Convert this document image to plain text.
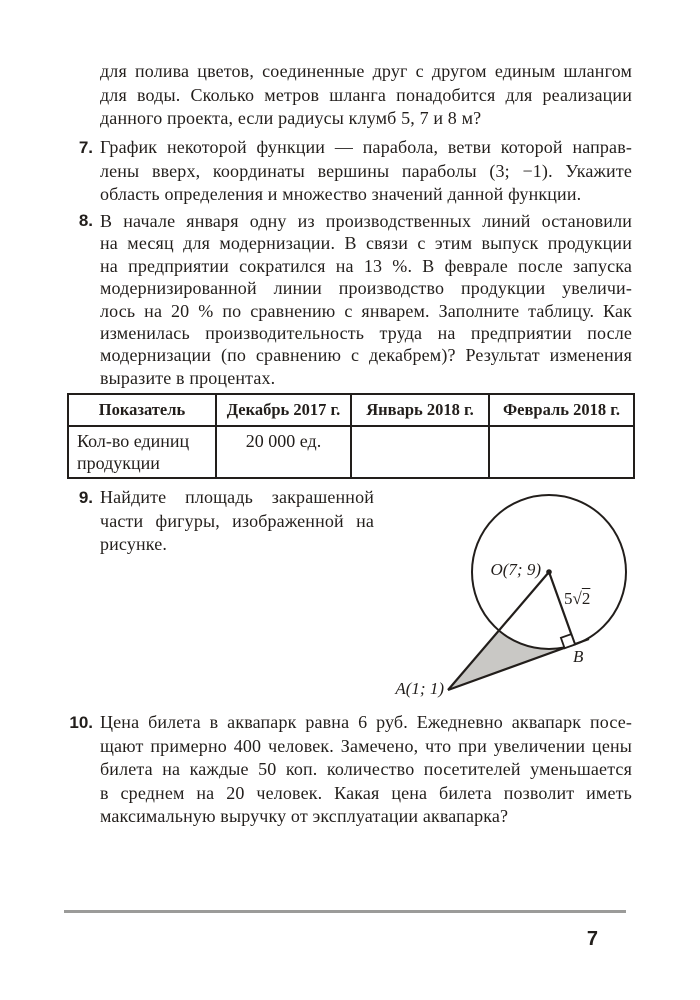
для полива цветов, соединенные друг с другом единым шлангом
для воды. Сколько метров шланга понадобится для реализации
данного проекта, если радиусы клумб 5, 7 и 8 м?
7. График некоторой функции — парабола, ветви которой направ-
лены вверх, координаты вершины параболы (3; −1). Укажите
область определения и множество значений данной функции.
8. В начале января одну из производственных линий остановили
на месяц для модернизации. В связи с этим выпуск продукции
на предприятии сократился на 13 %. В феврале после запуска
модернизированной линии производство продукции увеличи-
лось на 20 % по сравнению с январем. Заполните таблицу. Как
изменилась производительность труда на предприятии после
модернизации (по сравнению с декабрем)? Результат изменения
выразите в процентах.
Показатель	Декабрь 2017 г.	Январь 2018 г.	Февраль 2018 г.
Кол-во единиц продукции	20 000 ед.		
9. Найдите площадь закрашенной
части фигуры, изображенной на
рисунке.
O(7; 9)
5√2
B
A(1; 1)
10. Цена билета в аквапарк равна 6 руб. Ежедневно аквапарк посе-
щают примерно 400 человек. Замечено, что при увеличении цены
билета на каждые 50 коп. количество посетителей уменьшается
в среднем на 20 человек. Какая цена билета позволит иметь
максимальную выручку от эксплуатации аквапарка?
7
